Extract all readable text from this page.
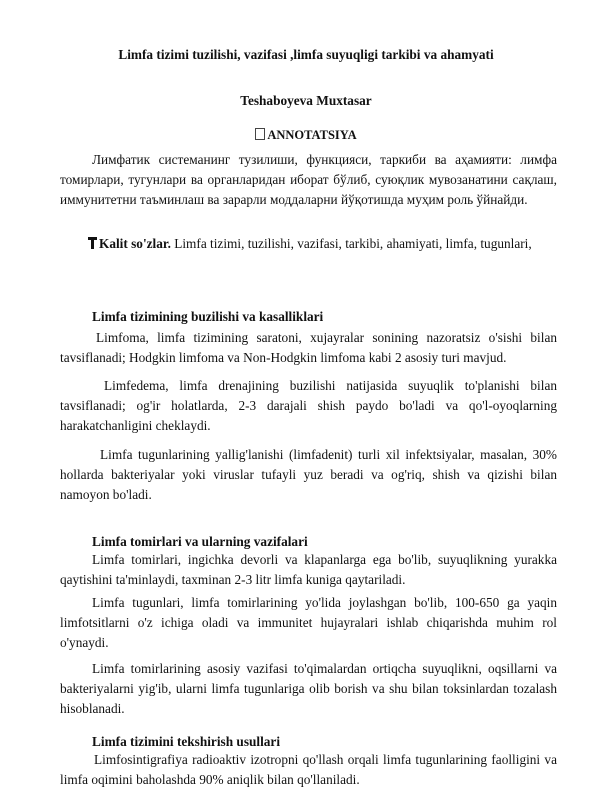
Limfa tizimi tuzilishi, vazifasi ,limfa suyuqligi tarkibi va ahamyati
Teshaboyeva Muxtasar
ANNOTATSIYA

Лимфатик системанинг тузилиши, функцияси, таркиби ва аҳамияти: лимфа томирлари, тугунлари ва органларидан иборат бўлиб, суюқлик мувозанатини сақлаш, иммунитетни таъминлаш ва зарарли моддаларни йўқотишда муҳим роль ўйнайди.

Kalit so'zlar. Limfa tizimi, tuzilishi, vazifasi, tarkibi, ahamiyati, limfa, tugunlari,

Limfa tizimining buzilishi va kasalliklari

Limfoma, limfa tizimining saratoni, xujayralar sonining nazoratsiz o'sishi bilan tavsiflanadi; Hodgkin limfoma va Non-Hodgkin limfoma kabi 2 asosiy turi mavjud.

Limfedema, limfa drenajining buzilishi natijasida suyuqlik to'planishi bilan tavsiflanadi; og'ir holatlarda, 2-3 darajali shish paydo bo'ladi va qo'l-oyoqlarning harakatchanligini cheklaydi.

Limfa tugunlarining yallig'lanishi (limfadenit) turli xil infektsiyalar, masalan, 30% hollarda bakteriyalar yoki viruslar tufayli yuz beradi va og'riq, shish va qizishi bilan namoyon bo'ladi.

Limfa tomirlari va ularning vazifalari

Limfa tomirlari, ingichka devorli va klapanlarga ega bo'lib, suyuqlikning yurakka qaytishini ta'minlaydi, taxminan 2-3 litr limfa kuniga qaytariladi.

Limfa tugunlari, limfa tomirlarining yo'lida joylashgan bo'lib, 100-650 ga yaqin limfotsitlarni o'z ichiga oladi va immunitet hujayralari ishlab chiqarishda muhim rol o'ynaydi.

Limfa tomirlarining asosiy vazifasi to'qimalardan ortiqcha suyuqlikni, oqsillarni va bakteriyalarni yig'ib, ularni limfa tugunlariga olib borish va shu bilan toksinlardan tozalash hisoblanadi.

Limfa tizimini tekshirish usullari

Limfosintigrafiya radioaktiv izotropni qo'llash orqali limfa tugunlarining faolligini va limfa oqimini baholashda 90% aniqlik bilan qo'llaniladi.
